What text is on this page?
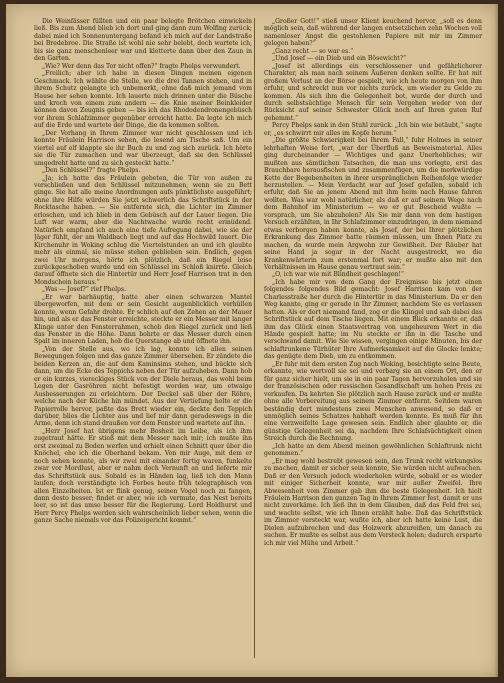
Die Weinfässer füllten und ein paar belegte Brötchen einwickeln ließ. Bis zum Abend blieb ich dort und ging dann zum Wolfing zurück; dabei mied ich Sonnenuntergang befand ich mich auf der Landstraße bei Bredebroe. Die Straße ist wohl nie sehr belebt, doch wartete ich, bis sie ganz menschenleer war und kletterte dann über den Zaun in den Garten.

„Wie? Wer denn das Tor nicht offen?“ fragte Phelps verwundert.

„Freilich; aber ich habe in diesen Dingen meinen eigenen Geschmack. Ich wählte die Stelle, wo die drei Tannen stehen, und in ihrem Schutz gelangte ich unbemerkt, ohne daß mich jemand vom Hause her sehen konnte. Ich lauerte mich drinnen unter die Büsche und kroch von einem zum andern — die Knie meiner Beinkleider können davon Zeugnis geben — bis ich das Rhododendronengebüsch vor ihrem Schlafzimmer gegenüber erreicht hatte. Da legte ich mich auf die Erde und wartete der Dinge, die da kommen sollten.

„Der Vorhang in Ihrem Zimmer war nicht geschlossen und ich konnte Fräulein Harrison sehen, die lesend am Tische saß. Um ein viertel auf elf klappte sie ihr Buch zu und zog sich zurück. Ich hörte sie die Tür zumachen und war überzeugt, daß sie den Schlüssel umgedreht hatte und zu sich gesteckt hatte.“

„Den Schlüssel?“ fragte Phelps.

„Ja; ich hatte das Fräulein gebeten, die Tür von außen zu verschließen und den Schlüssel mitzunehmen, wenn sie zu Bett ginge. Sie hat alle meine Anordnungen aufs pünktlichste ausgeführt; ohne ihre Hilfe würden Sie jetzt schwerlich das Schriftstück in der Rocktasche haben. — Sie entfernte sich, die Lichter im Zimmer erloschen, und ich blieb in dem Gebüsch auf der Lauer liegen. Die Luft war warm, aber die Nachtwache wurde recht ermüdend. Natürlich empfand ich auch eine tiefe Aufregung dabei, wie sie der Jäger fühlt, der am Waldbach liegt und auf das Hochwild lauert. Die Kirchenuhr in Woking schlug die Viertelstunden an und ich glaubte mehr als einmal, sie müsse stehen geblieben sein. Endlich, gegen zwei Uhr morgens, hörte ich plötzlich, daß ein Riegel leise zurückgeschoben wurde und ein Schlüssel im Schloß knirrte. Gleich darauf öffnete sich die Hintertür und Herr Josef Harrison trat in den Mondschein heraus.“

„Was — Josef?“ rief Phelps.

„Er war barhäuptig, hatte aber einen schwarzen Mantel übergeworfen, mit dem er sein Gesicht augenblicklich verhüllen konnte, wenn Gefahr drohte. Er schlich auf den Zehen an der Mauer hin, und als er das Fenster erreichte, steckte er ein Messer mit langer Klinge unter den Fensterrahmen, schob den Riegel zurück und ließ das Fenster in die Höhe. Dann bohrte er das Messer durch einen Spalt im inneren Laden, hob die Querstange ab und öffnete ihn.

„Von der Stelle aus, wo ich lag, konnte ich allen seinen Bewegungen folgen und das ganze Zimmer übersehen. Er zündete die beiden Kerzen an, die auf dem Kaminsims stehen, und bückte sich dann, um die Ecke des Teppichs neben der Tür aufzuheben. Dann hob er ein kurzes, viereckiges Stück von der Diele heraus, das wohl beim Legen der Gasröhren nicht befestigt worden war, um etwaige Ausbesserungen zu erleichtern. Der Deckel saß über der Röhre, welche nach der Küche hin mündet. Aus der Vertiefung holte er die Papierrolle hervor, paßte das Brett wieder ein, deckte den Teppich darüber, blies die Lichter aus und lief mir dann geradeswegs in die Arme, denn ich stand draußen vor dem Fenster und wartete auf ihn.

„Herr Josef hat übrigens mehr Bosheit im Leibe, als ich ihm zugetraut hätte. Er stieß mit dem Messer nach mir; ich mußte ihn erst zweimal zu Boden werfen und erhielt einen Schnitt quer über die Knöchel, ehe ich die Oberhand bekam. Von mir Auge, mit dem er noch sehen konnte, als wir zwei mit einander fertig waren, funkelte zwar vor Mordlust, aber er nahm doch Vernunft an und lieferte mir das Schriftstück aus. Sobald es in Händen lag, ließ ich den Mann laufen; doch verständigte ich Forbes heute früh telegraphisch von allen Einzelheiten. Ist er flink genug, seinen Vogel noch zu fangen, dann desto besser; findet er aber, wie ich vermute, das Nest bereits leer, so ist das umso besser für die Regierung. Lord Holdhurst und Herr Percy Phelps werden sich wahrscheinlich lieber sehen, wenn die ganze Sache niemals vor das Polizeigericht kommt.“

„Großer Gott!“ stieß unser Klient keuchend hervor, „soll es denn möglich sein, daß während der langen entsetzlichen zehn Wochen voll namenloser Angst die gestohlenen Papiere mit mir im Zimmer gelegen haben?“

„Ganz recht — so war es.“

„Und Josef — ein Dieb und ein Bösewicht?“

„Josef ist allerdings ein verschlossener und gefährlicherer Charakter, als man nach seinem Äußeren denken sollte. Er hat mit großem Verlust an der Börse gespielt, wie ich heute morgen von ihm erfuhr, und schreckt nun vor nichts zurück, um wieder zu Gelde zu kommen. Als sich ihm die Gelegenheit bot, wurde der durch und durch selbstsüchtige Mensch für sein Vergehen weder von der Rücksicht auf seiner Schwester Glück noch auf Ihren guten Ruf gehemmt.“

Percy Phelps sank in den Stuhl zurück. „Ich bin wie betäubt,“ sagte er, „es schwirrt mir alles im Kopfe herum.“

„Die größte Schwierigkeit bei Ihrem Fall,“ fuhr Holmes in seiner lehrhaften Weise fort, „war der Überfluß an Beweismaterial. Alles ging durcheinander — Wichtiges und ganz Unerhebliches; wir mußten aus sämtlichen Tatsachen, die man uns vorlegte, erst das Brauchbare herausfischen und zusammenfügen, um die merkwürdige Kette der Begebenheiten in ihrer ursprünglichen Reihenfolge wieder herzustellen. — Mein Verdacht war auf Josef gefallen, sobald ich erfuhr, daß Sie an jenem Abend mit ihm heim nach Hause fahren wollten. Was war wohl natürlicher, als daß er auf seinem Wege nach dem Bahnhof im Ministerium — wo er gut Bescheid wußte — vorsprach, um Sie abzuholen? Als Sie mir dann von dem hastigen Versuch erzählten, in Ihr Schlafzimmer einzudringen, in dem niemand etwas verborgen haben konnte, als Josef, der bei Ihrer plötzlichen Erkrankung das Zimmer hatte räumen müssen, um Ihnen Platz zu machen, da wurde mein Argwohn zur Gewißheit. Der Räuber hat seine Hand ja sogar in der Nacht ausgestreckt, wo die Krankenwärterin zum erstenmal fort war; er mußte also mit den Verhältnissen im Hause genau vertraut sein.“

„O, ich war wie mit Blindheit geschlagen!“

„Ich habe mir von dem Gang der Ereignisse bis jetzt einen folgendes folgendes Bild gemacht: Josef Harrison kam von der Charlesstraße her durch die Hintertür in das Ministerium. Da er den Weg kannte, ging er gerade in Ihr Zimmer, nachdem Sie es verlassen hatten. Als er dort niemand fand, zog er die Klingel und sah dabei das Schriftstück auf dem Tische liegen. Mit einem Blick erkannte er, daß ihm das Glück einen Staatsvertrag von ungeheurem Wert in die Hände gespielt hatte; im Nu steckte er ihn in die Tasche und verschwand damit. Wie Sie wissen, vergingen einige Minuten, bis der schlaftrunkene Türhüter Ihre Aufmerksamkeit auf die Glocke lenkte; das genügte dem Dieb, um zu entkommen.

„Er fuhr mit dem ersten Zug nach Woking, besichtigte seine Beute, erkannte, wie wertvoll sie sei und verbarg sie an einem Ort, den er für ganz sicher hielt, um sie in ein paar Tagen hervorzuholen und sie der französischen oder russischen Gesandtschaft um hohen Preis zu verkaufen. Da kehrten Sie plötzlich nach Hause zurück und er mußte ohne alle Vorbereitung aus seinem Zimmer entfernt. Seitdem waren beständig dort mindestens zwei Menschen anwesend, so daß er unmöglich seines Schatzes habhaft werden konnte. Es muß für ihn eine verzweifelte Lage gewesen sein. Endlich aber glaubte er, die günstige Gelegenheit sei da, nachdem Ihre Schlafsüchtigkeit einen Streich durch die Rechnung.

„Ich hatte an dem Abend meinen gewöhnlichen Schlaftrunk nicht genommen.“

„Er mag wohl bestrebt gewesen sein, den Trunk recht wirkungslos zu machen, damit er sicher sein konnte, Sie würden nicht aufwachen. Daß er den Versuch jedoch wiederholen würde, sobald er es wieder mit einiger Sicherheit konnte, war mir außer Zweifel. Ihre Abwesenheit vom Zimmer gab ihm die beste Gelegenheit. Ich hielt Fräulein Harrison den ganzen Tag in Ihrem Zimmer fest, damit er uns nicht zuvorkäme. Ich ließ ihn in dem Glauben, daß das Feld frei sei, und wachte selbst, wie ich Ihnen erzählt habe. Daß das Schriftstück im Zimmer versteckt war, wußte ich, aber ich hatte keine Lust, die Dielen aufzubrechen und das Holzwerk abzureißen, um danach zu suchen. Er mußte es selbst aus dem Versteck holen; dadurch ersparte ich mir viel Mühe und Arbeit.“
